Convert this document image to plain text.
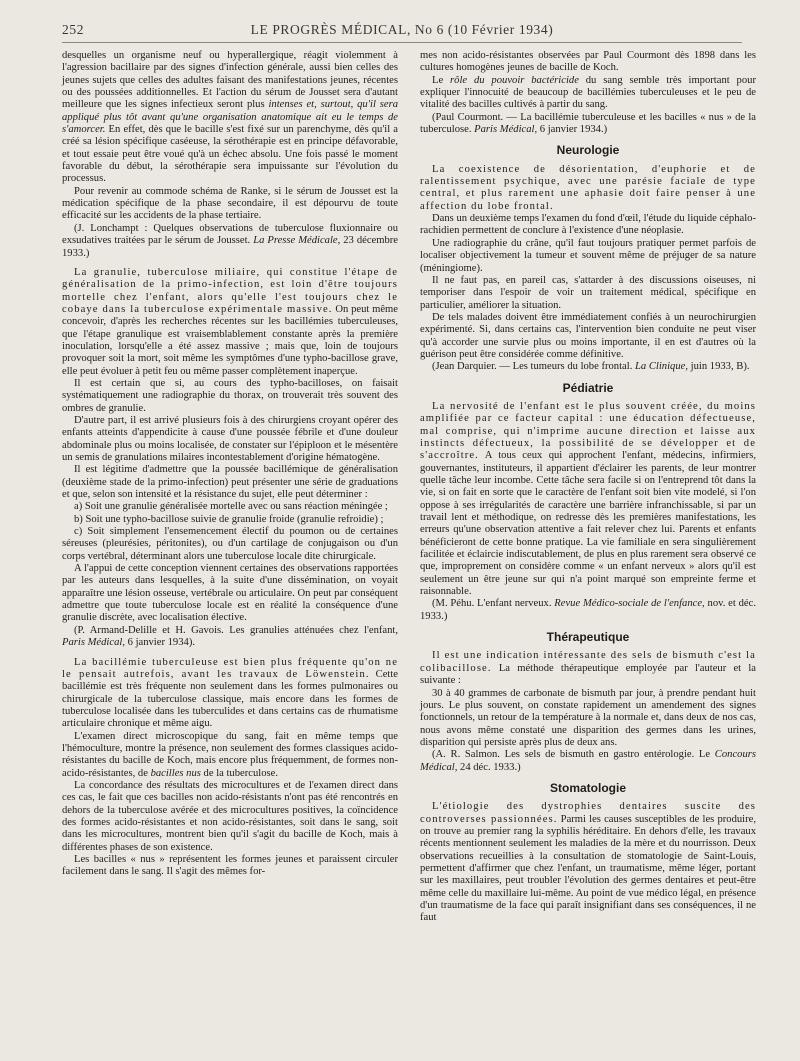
252	LE PROGRÈS MÉDICAL, No 6 (10 Février 1934)

desquelles un organisme neuf ou hyperallergique, réagit violemment à l'agression bacillaire par des signes d'infection générale, aussi bien celles des jeunes sujets que celles des adultes faisant des manifestations jeunes, récentes ou des poussées additionnelles. Et l'action du sérum de Jousset sera d'autant meilleure que les signes infectieux seront plus intenses et, surtout, qu'il sera appliqué plus tôt avant qu'une organisation anatomique ait eu le temps de s'amorcer. En effet, dès que le bacille s'est fixé sur un parenchyme, dès qu'il a créé sa lésion spécifique caséeuse, la sérothérapie est en principe défavorable, et tout essaie peut être voué qu'à un échec absolu. Une fois passé le moment favorable du début, la sérothérapie sera impuissante sur l'évolution du processus.

Pour revenir au commode schéma de Ranke, si le sérum de Jousset est la médication spécifique de la phase secondaire, il est dépourvu de toute efficacité sur les accidents de la phase tertiaire.

(J. Lonchampt : Quelques observations de tuberculose fluxionnaire ou exsudatives traitées par le sérum de Jousset. La Presse Médicale, 23 décembre 1933.)

La granulie, tuberculose miliaire, qui constitue l'étape de généralisation de la primo-infection, est loin d'être toujours mortelle chez l'enfant, alors qu'elle l'est toujours chez le cobaye dans la tuberculose expérimentale massive. On peut même concevoir, d'après les recherches récentes sur les bacillémies tuberculeuses, que l'étape granulique est vraisemblablement constante après la première inoculation, lorsqu'elle a été assez massive ; mais que, loin de toujours provoquer soit la mort, soit même les symptômes d'une typho-bacillose grave, elle peut évoluer à petit feu ou même passer complètement inaperçue.

Il est certain que si, au cours des typho-bacilloses, on faisait systématiquement une radiographie du thorax, on trouverait très souvent des ombres de granulie.

D'autre part, il est arrivé plusieurs fois à des chirurgiens croyant opérer des enfants atteints d'appendicite à cause d'une poussée fébrile et d'une douleur abdominale plus ou moins localisée, de constater sur l'épiploon et le mésentère un semis de granulations milaires incontestablement d'origine hématogène.

Il est légitime d'admettre que la poussée bacillémique de généralisation (deuxième stade de la primo-infection) peut présenter une série de graduations et que, selon son intensité et la résistance du sujet, elle peut déterminer :

a) Soit une granulie généralisée mortelle avec ou sans réaction méningée ;

b) Soit une typho-bacillose suivie de granulie froide (granulie refroidie) ;

c) Soit simplement l'ensemencement électif du poumon ou de certaines séreuses (pleurésies, péritonites), ou d'un cartilage de conjugaison ou d'un corps vertébral, déterminant alors une tuberculose locale dite chirurgicale.

A l'appui de cette conception viennent certaines des observations rapportées par les auteurs dans lesquelles, à la suite d'une dissémination, on voyait apparaître une lésion osseuse, vertébrale ou articulaire. On peut par conséquent admettre que toute tuberculose locale est en réalité la conséquence d'une granulie discrète, avec localisation élective.

(P. Armand-Delille et H. Gavois. Les granulies atténuées chez l'enfant, Paris Médical, 6 janvier 1934).

La bacillémie tuberculeuse est bien plus fréquente qu'on ne le pensait autrefois, avant les travaux de Löwenstein. Cette bacillémie est très fréquente non seulement dans les formes pulmonaires ou chirurgicale de la tuberculose classique, mais encore dans les formes de tuberculose localisée dans les tuberculides et dans certains cas de rhumatisme articulaire chronique et même aigu.

L'examen direct microscopique du sang, fait en même temps que l'hémoculture, montre la présence, non seulement des formes classiques acido-résistantes du bacille de Koch, mais encore plus fréquemment, de formes non-acido-résistantes, de bacilles nus de la tuberculose.

La concordance des résultats des microcultures et de l'examen direct dans ces cas, le fait que ces bacilles non acido-résistants n'ont pas été rencontrés en dehors de la tuberculose avérée et des microcultures positives, la coïncidence des formes acido-résistantes et non acido-résistantes, soit dans le sang, soit dans les microcultures, montrent bien qu'il s'agit du bacille de Koch, mais à différentes phases de son existence.

Les bacilles « nus » représentent les formes jeunes et paraissent circuler facilement dans le sang. Il s'agit des mêmes for-

mes non acido-résistantes observées par Paul Courmont dès 1898 dans les cultures homogènes jeunes de bacille de Koch.

Le rôle du pouvoir bactéricide du sang semble très important pour expliquer l'innocuité de beaucoup de bacillémies tuberculeuses et le peu de vitalité des bacilles cultivés à partir du sang.

(Paul Courmont. — La bacillémie tuberculeuse et les bacilles « nus » de la tuberculose. Paris Médical, 6 janvier 1934.)

Neurologie

La coexistence de désorientation, d'euphorie et de ralentissement psychique, avec une parésie faciale de type central, et plus rarement une aphasie doit faire penser à une affection du lobe frontal.

Dans un deuxième temps l'examen du fond d'œil, l'étude du liquide céphalo-rachidien permettent de conclure à l'existence d'une néoplasie.

Une radiographie du crâne, qu'il faut toujours pratiquer permet parfois de localiser objectivement la tumeur et souvent même de préjuger de sa nature (méningiome).

Il ne faut pas, en pareil cas, s'attarder à des discussions oiseuses, ni temporiser dans l'espoir de voir un traitement médical, spécifique en particulier, améliorer la situation.

De tels malades doivent être immédiatement confiés à un neurochirurgien expérimenté. Si, dans certains cas, l'intervention bien conduite ne peut viser qu'à accorder une survie plus ou moins importante, il en est d'autres où la guérison peut être considérée comme définitive.

(Jean Darquier. — Les tumeurs du lobe frontal. La Clinique, juin 1933, B).

Pédiatrie

La nervosité de l'enfant est le plus souvent créée, du moins amplifiée par ce facteur capital : une éducation défectueuse, mal comprise, qui n'imprime aucune direction et laisse aux instincts défectueux, la possibilité de se développer et de s'accroître. A tous ceux qui approchent l'enfant, médecins, infirmiers, gouvernantes, instituteurs, il appartient d'éclairer les parents, de leur montrer quelle tâche leur incombe. Cette tâche sera facile si on l'entreprend tôt dans la vie, si on fait en sorte que le caractère de l'enfant soit bien vite modelé, si l'on oppose à ses irrégularités de caractère une barrière infranchissable, si par un travail lent et méthodique, on redresse dès les premières manifestations, les erreurs qu'une observation attentive a fait relever chez lui. Parents et enfants bénéficieront de cette bonne pratique. La vie familiale en sera singulièrement facilitée et éclaircie indiscutablement, de plus en plus rarement sera observé ce que, improprement on considère comme « un enfant nerveux » alors qu'il est seulement un être jeune sur qui n'a point marqué son empreinte ferme et raisonnable.

(M. Péhu. L'enfant nerveux. Revue Médico-sociale de l'enfance, nov. et déc. 1933.)

Thérapeutique

Il est une indication intéressante des sels de bismuth c'est la colibacillose. La méthode thérapeutique employée par l'auteur et la suivante :

30 à 40 grammes de carbonate de bismuth par jour, à prendre pendant huit jours. Le plus souvent, on constate rapidement un amendement des signes fonctionnels, un retour de la température à la normale et, dans deux de nos cas, nous avons même constaté une disparition des germes dans les urines, disparition qui persiste après plus de deux ans.

(A. R. Salmon. Les sels de bismuth en gastro entérologie. Le Concours Médical, 24 déc. 1933.)

Stomatologie

L'étiologie des dystrophies dentaires suscite des controverses passionnées. Parmi les causes susceptibles de les produire, on trouve au premier rang la syphilis héréditaire. En dehors d'elle, les travaux récents mentionnent seulement les maladies de la mère et du nourrisson. Deux observations recueillies à la consultation de stomatologie de Saint-Louis, permettent d'affirmer que chez l'enfant, un traumatisme, même léger, portant sur les maxillaires, peut troubler l'évolution des germes dentaires et peut-être même celle du maxillaire lui-même. Au point de vue médico légal, en présence d'un traumatisme de la face qui paraît insignifiant dans ses conséquences, il ne faut
